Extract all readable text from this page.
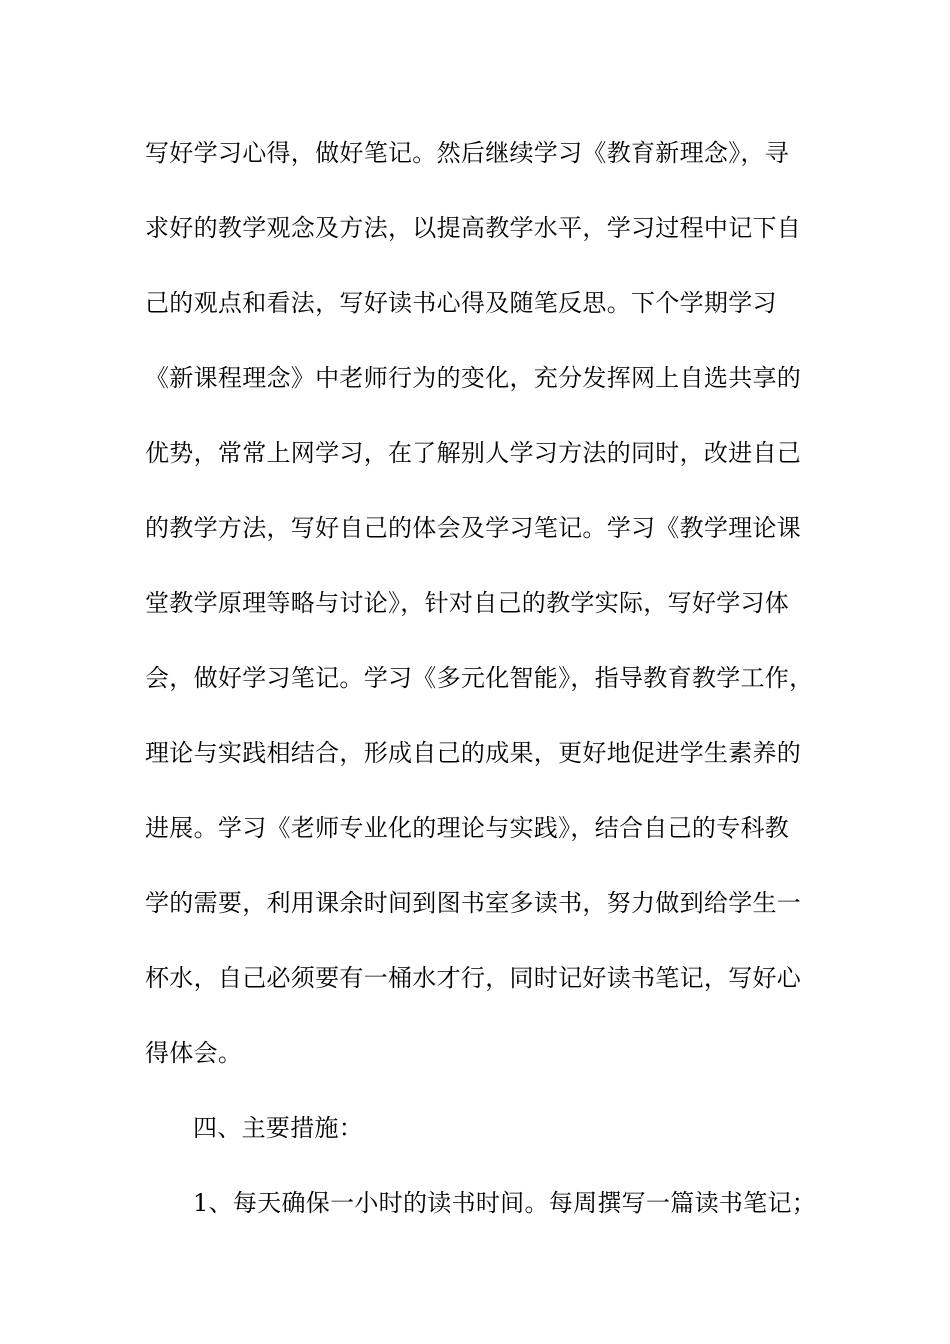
写好学习心得，做好笔记。然后继续学习《教育新理念》，寻
求好的教学观念及方法，以提高教学水平，学习过程中记下自
己的观点和看法，写好读书心得及随笔反思。下个学期学习
《新课程理念》中老师行为的变化，充分发挥网上自选共享的
优势，常常上网学习，在了解别人学习方法的同时，改进自己
的教学方法，写好自己的体会及学习笔记。学习《教学理论课
堂教学原理等略与讨论》，针对自己的教学实际，写好学习体
会，做好学习笔记。学习《多元化智能》，指导教育教学工作，
理论与实践相结合，形成自己的成果，更好地促进学生素养的
进展。学习《老师专业化的理论与实践》，结合自己的专科教
学的需要，利用课余时间到图书室多读书，努力做到给学生一
杯水，自己必须要有一桶水才行，同时记好读书笔记，写好心
得体会。
四、主要措施：
1、每天确保一小时的读书时间。每周撰写一篇读书笔记；
